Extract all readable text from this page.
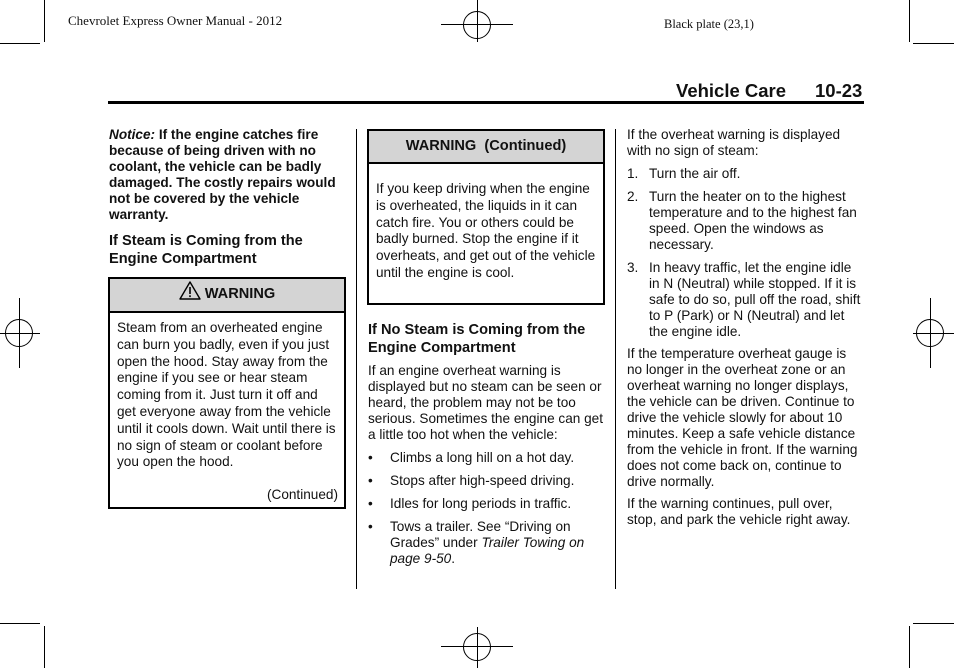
Chevrolet Express Owner Manual - 2012	Black plate (23,1)
Vehicle Care 10-23

Notice: If the engine catches fire because of being driven with no coolant, the vehicle can be badly damaged. The costly repairs would not be covered by the vehicle warranty.

If Steam is Coming from the Engine Compartment

WARNING
Steam from an overheated engine can burn you badly, even if you just open the hood. Stay away from the engine if you see or hear steam coming from it. Just turn it off and get everyone away from the vehicle until it cools down. Wait until there is no sign of steam or coolant before you open the hood.
(Continued)
WARNING  (Continued)
If you keep driving when the engine is overheated, the liquids in it can catch fire. You or others could be badly burned. Stop the engine if it overheats, and get out of the vehicle until the engine is cool.

If No Steam is Coming from the Engine Compartment

If an engine overheat warning is displayed but no steam can be seen or heard, the problem may not be too serious. Sometimes the engine can get a little too hot when the vehicle:

• Climbs a long hill on a hot day.
• Stops after high-speed driving.
• Idles for long periods in traffic.
• Tows a trailer. See “Driving on Grades” under Trailer Towing on page 9-50.

If the overheat warning is displayed with no sign of steam:

1. Turn the air off.
2. Turn the heater on to the highest temperature and to the highest fan speed. Open the windows as necessary.
3. In heavy traffic, let the engine idle in N (Neutral) while stopped. If it is safe to do so, pull off the road, shift to P (Park) or N (Neutral) and let the engine idle.

If the temperature overheat gauge is no longer in the overheat zone or an overheat warning no longer displays, the vehicle can be driven. Continue to drive the vehicle slowly for about 10 minutes. Keep a safe vehicle distance from the vehicle in front. If the warning does not come back on, continue to drive normally.

If the warning continues, pull over, stop, and park the vehicle right away.
